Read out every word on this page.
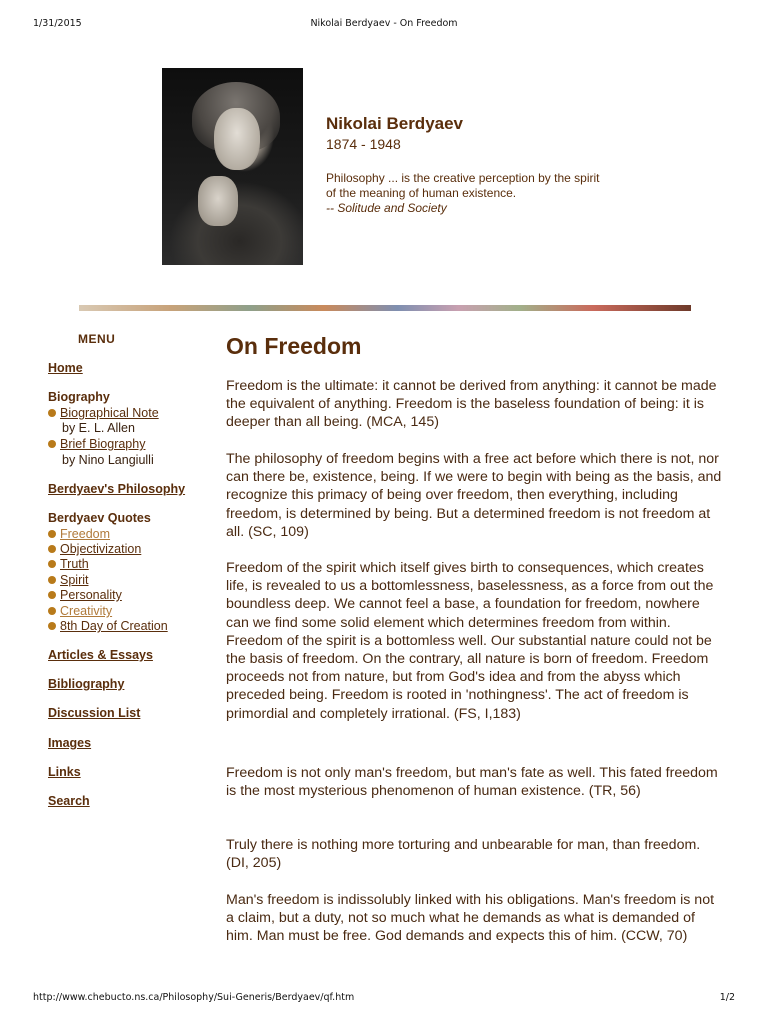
1/31/2015	Nikolai Berdyaev - On Freedom
Nikolai Berdyaev
1874 - 1948
Philosophy ... is the creative perception by the spirit
of the meaning of human existence.
-- Solitude and Society
MENU
Home
Biography
Biographical Note
by E. L. Allen
Brief Biography
by Nino Langiulli
Berdyaev's Philosophy
Berdyaev Quotes
Freedom
Objectivization
Truth
Spirit
Personality
Creativity
8th Day of Creation
Articles & Essays
Bibliography
Discussion List
Images
Links
Search
On Freedom

Freedom is the ultimate: it cannot be derived from anything: it cannot be made the equivalent of anything. Freedom is the baseless foundation of being: it is deeper than all being. (MCA, 145)

The philosophy of freedom begins with a free act before which there is not, nor can there be, existence, being. If we were to begin with being as the basis, and recognize this primacy of being over freedom, then everything, including freedom, is determined by being. But a determined freedom is not freedom at all. (SC, 109)

Freedom of the spirit which itself gives birth to consequences, which creates life, is revealed to us a bottomlessness, baselessness, as a force from out the boundless deep. We cannot feel a base, a foundation for freedom, nowhere can we find some solid element which determines freedom from within. Freedom of the spirit is a bottomless well. Our substantial nature could not be the basis of freedom. On the contrary, all nature is born of freedom. Freedom proceeds not from nature, but from God's idea and from the abyss which preceded being. Freedom is rooted in 'nothingness'. The act of freedom is primordial and completely irrational. (FS, I,183)

Freedom is not only man's freedom, but man's fate as well. This fated freedom is the most mysterious phenomenon of human existence. (TR, 56)

Truly there is nothing more torturing and unbearable for man, than freedom. (DI, 205)

Man's freedom is indissolubly linked with his obligations. Man's freedom is not a claim, but a duty, not so much what he demands as what is demanded of him. Man must be free. God demands and expects this of him. (CCW, 70)

http://www.chebucto.ns.ca/Philosophy/Sui-Generis/Berdyaev/qf.htm	1/2
